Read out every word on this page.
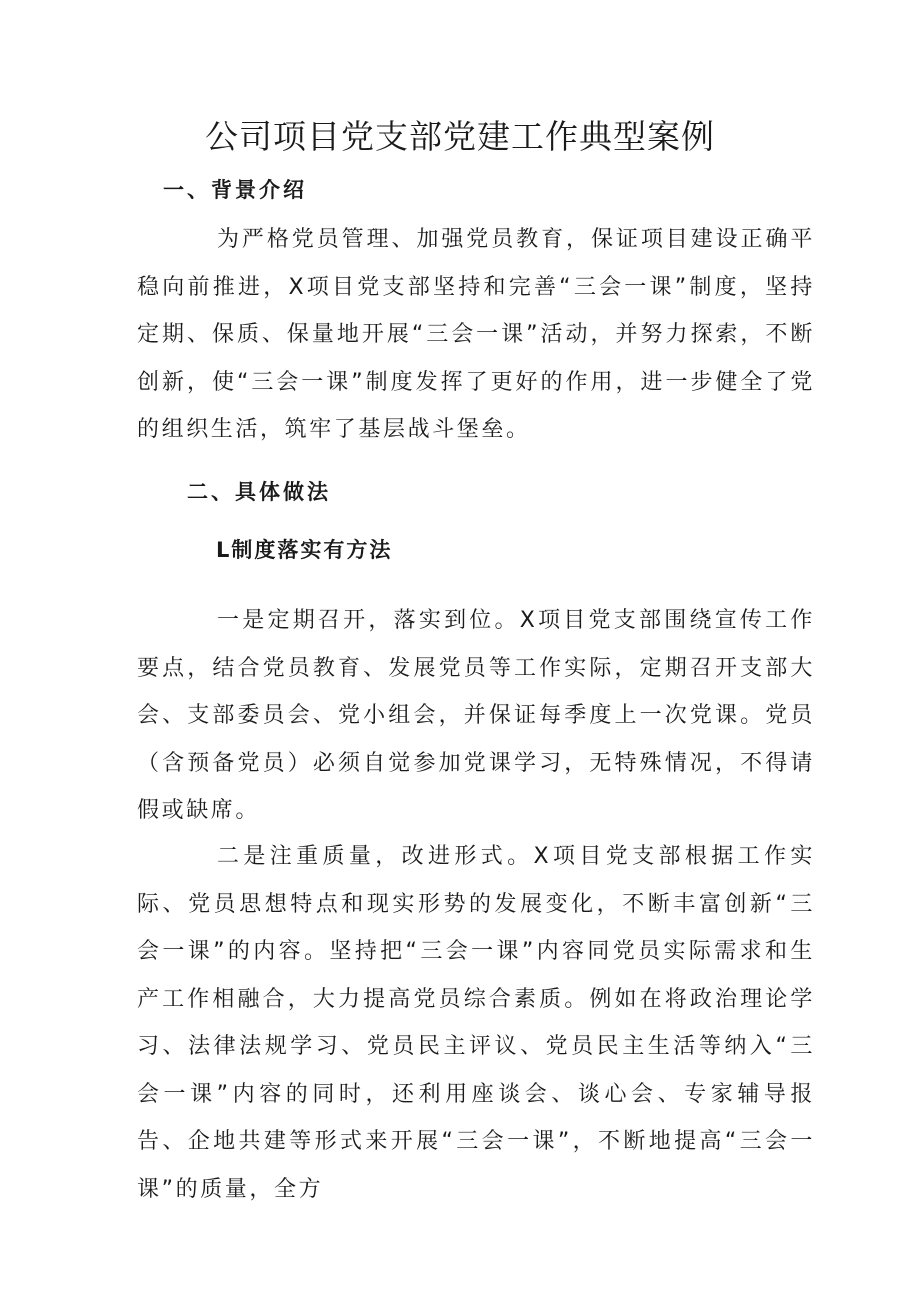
公司项目党支部党建工作典型案例
一、背景介绍

为严格党员管理、加强党员教育，保证项目建设正确平稳向前推进，X项目党支部坚持和完善“三会一课”制度，坚持定期、保质、保量地开展“三会一课”活动，并努力探索，不断创新，使“三会一课”制度发挥了更好的作用，进一步健全了党的组织生活，筑牢了基层战斗堡垒。

二、具体做法
L制度落实有方法

一是定期召开，落实到位。X项目党支部围绕宣传工作要点，结合党员教育、发展党员等工作实际，定期召开支部大会、支部委员会、党小组会，并保证每季度上一次党课。党员（含预备党员）必须自觉参加党课学习，无特殊情况，不得请假或缺席。

二是注重质量，改进形式。X项目党支部根据工作实际、党员思想特点和现实形势的发展变化，不断丰富创新“三会一课”的内容。坚持把“三会一课”内容同党员实际需求和生产工作相融合，大力提高党员综合素质。例如在将政治理论学习、法律法规学习、党员民主评议、党员民主生活等纳入“三会一课”内容的同时，还利用座谈会、谈心会、专家辅导报告、企地共建等形式来开展“三会一课”，不断地提高“三会一课”的质量，全方
